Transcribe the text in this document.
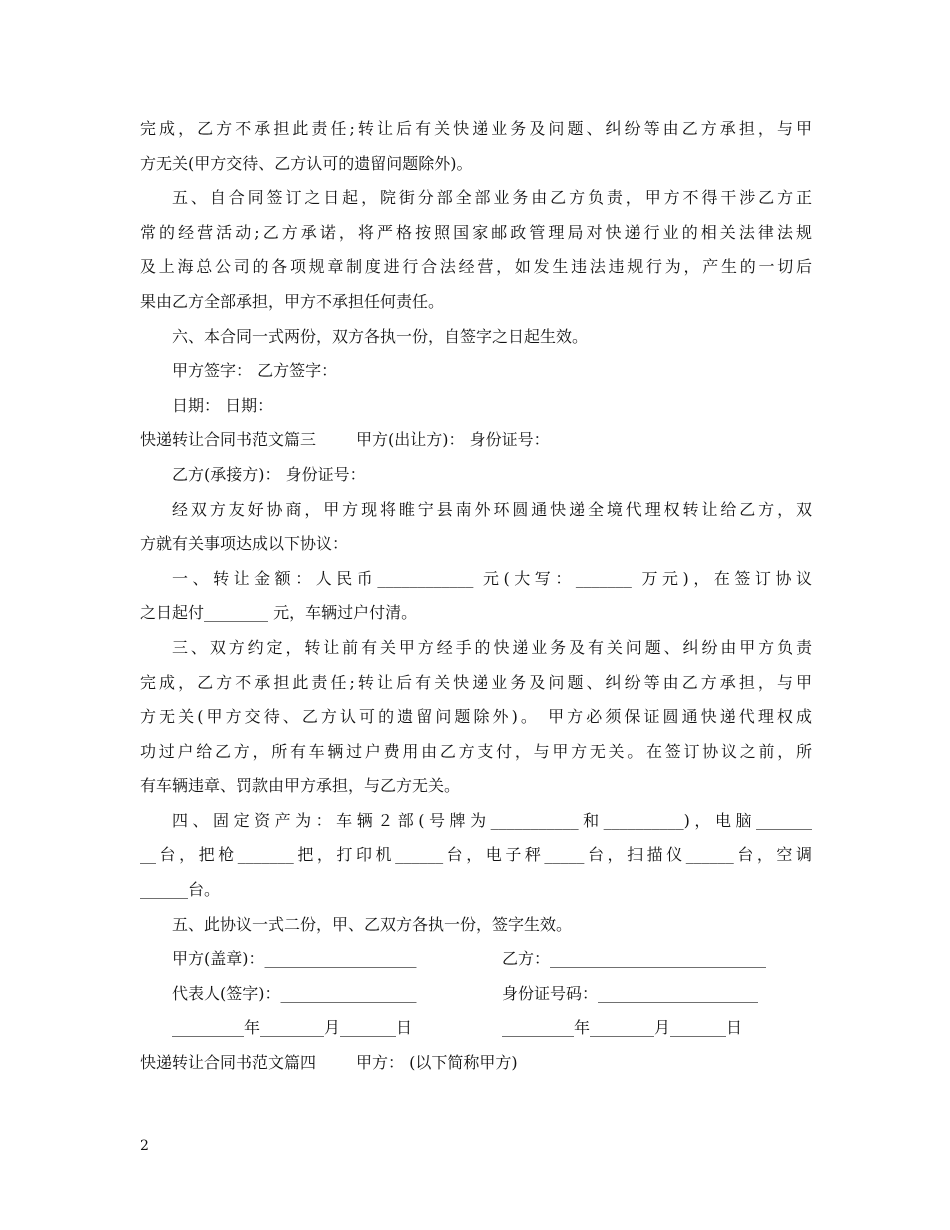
完成，乙方不承担此责任;转让后有关快递业务及问题、纠纷等由乙方承担，与甲
方无关(甲方交待、乙方认可的遗留问题除外)。
五、自合同签订之日起，院街分部全部业务由乙方负责，甲方不得干涉乙方正
常的经营活动;乙方承诺，将严格按照国家邮政管理局对快递行业的相关法律法规
及上海总公司的各项规章制度进行合法经营，如发生违法违规行为，产生的一切后
果由乙方全部承担，甲方不承担任何责任。
六、本合同一式两份，双方各执一份，自签字之日起生效。
甲方签字： 乙方签字：
日期： 日期：
快递转让合同书范文篇三	甲方(出让方)： 身份证号：
乙方(承接方)： 身份证号：
经双方友好协商，甲方现将睢宁县南外环圆通快递全境代理权转让给乙方，双
方就有关事项达成以下协议：
一、转让金额：人民币____________ 元(大写：_______ 万元)，在签订协议
之日起付________ 元，车辆过户付清。
三、双方约定，转让前有关甲方经手的快递业务及有关问题、纠纷由甲方负责
完成，乙方不承担此责任;转让后有关快递业务及问题、纠纷等由乙方承担，与甲
方无关(甲方交待、乙方认可的遗留问题除外)。 甲方必须保证圆通快递代理权成
功过户给乙方，所有车辆过户费用由乙方支付，与甲方无关。在签订协议之前，所
有车辆违章、罚款由甲方承担，与乙方无关。
四、固定资产为：车辆２部(号牌为___________和__________)，电脑_______
__台，把枪_______把，打印机______台，电子秤_____台，扫描仪______台，空调
______台。
五、此协议一式二份，甲、乙双方各执一份，签字生效。
甲方(盖章)：___________________	乙方：___________________________
代表人(签字)：_________________	身份证号码：____________________
_________年________月_______日	_________年________月_______日
快递转让合同书范文篇四	甲方： (以下简称甲方)
2
